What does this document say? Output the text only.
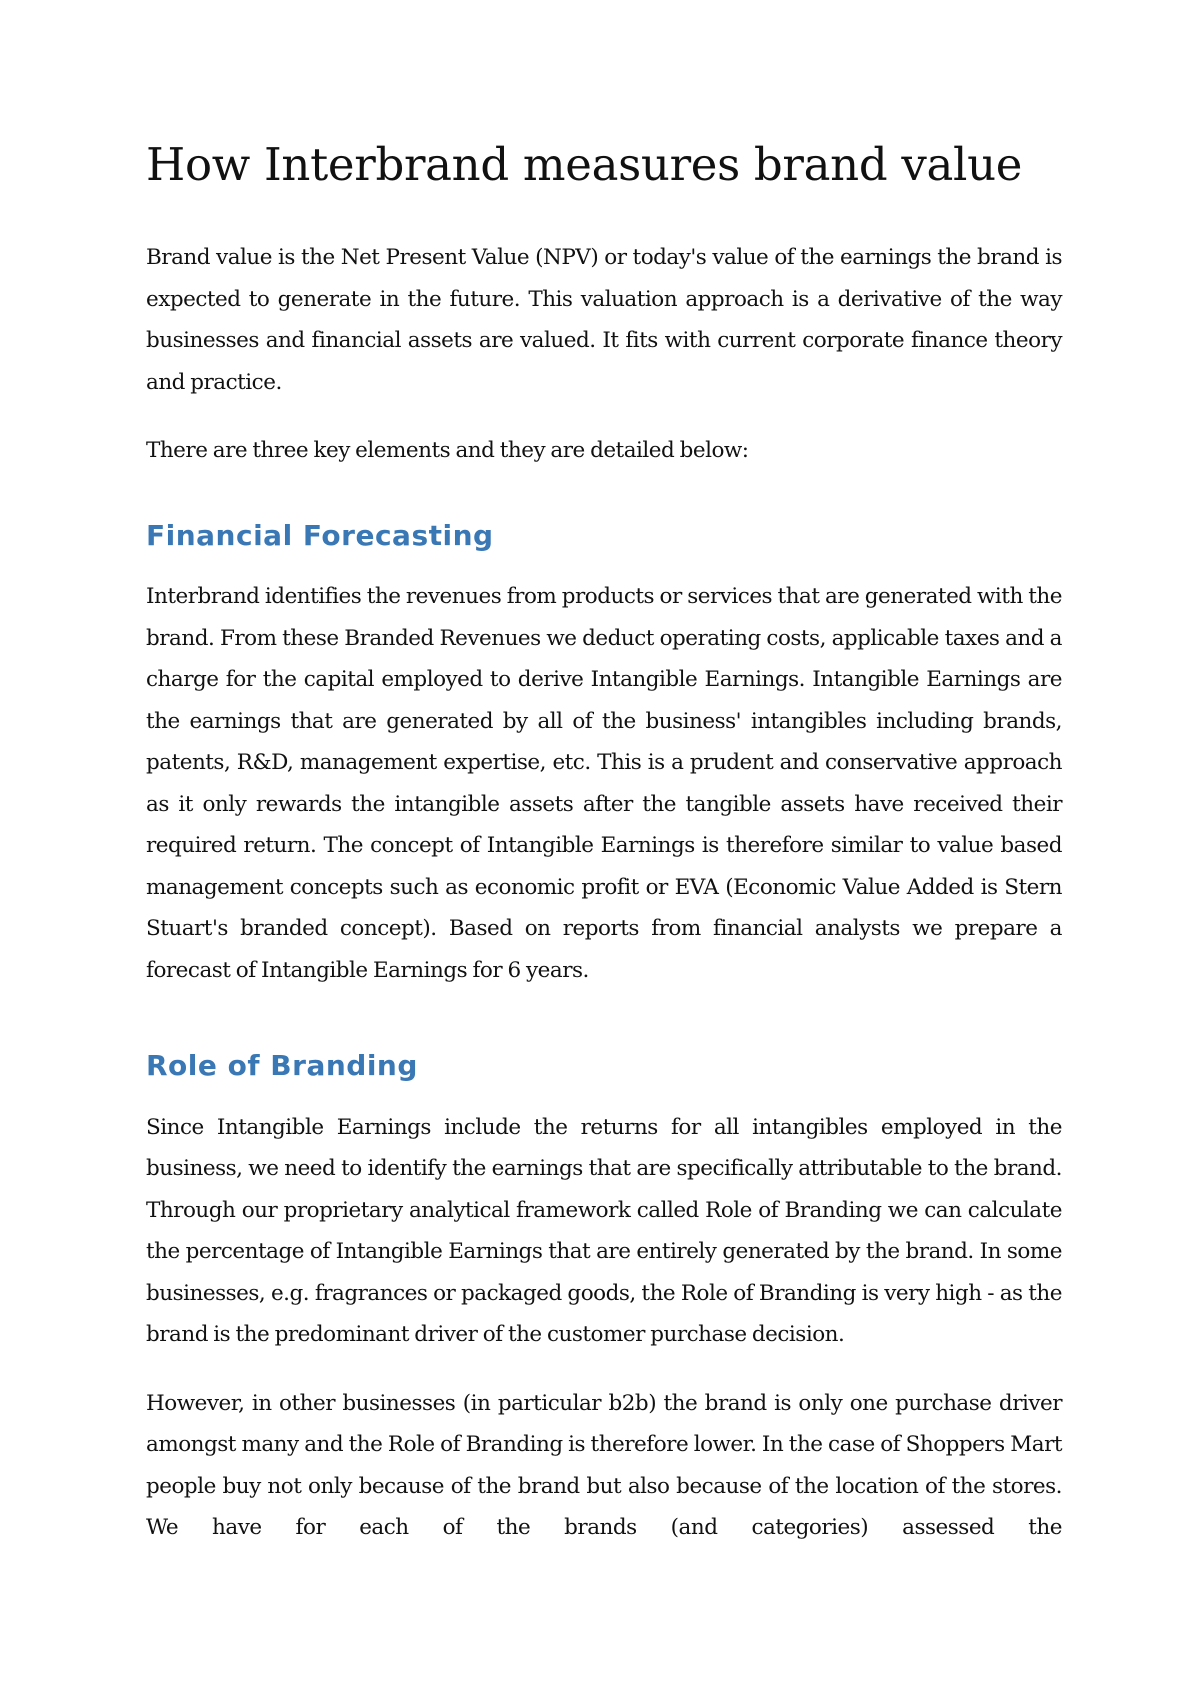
How Interbrand measures brand value

Brand value is the Net Present Value (NPV) or today's value of the earnings the brand is expected to generate in the future. This valuation approach is a derivative of the way businesses and financial assets are valued. It fits with current corporate finance theory and practice.

There are three key elements and they are detailed below:

Financial Forecasting

Interbrand identifies the revenues from products or services that are generated with the brand. From these Branded Revenues we deduct operating costs, applicable taxes and a charge for the capital employed to derive Intangible Earnings. Intangible Earnings are the earnings that are generated by all of the business' intangibles including brands, patents, R&D, management expertise, etc. This is a prudent and conservative approach as it only rewards the intangible assets after the tangible assets have received their required return. The concept of Intangible Earnings is therefore similar to value based management concepts such as economic profit or EVA (Economic Value Added is Stern Stuart's branded concept). Based on reports from financial analysts we prepare a forecast of Intangible Earnings for 6 years.

Role of Branding

Since Intangible Earnings include the returns for all intangibles employed in the business, we need to identify the earnings that are specifically attributable to the brand. Through our proprietary analytical framework called Role of Branding we can calculate the percentage of Intangible Earnings that are entirely generated by the brand. In some businesses, e.g. fragrances or packaged goods, the Role of Branding is very high - as the brand is the predominant driver of the customer purchase decision.

However, in other businesses (in particular b2b) the brand is only one purchase driver amongst many and the Role of Branding is therefore lower. In the case of Shoppers Mart people buy not only because of the brand but also because of the location of the stores. We have for each of the brands (and categories) assessed the
